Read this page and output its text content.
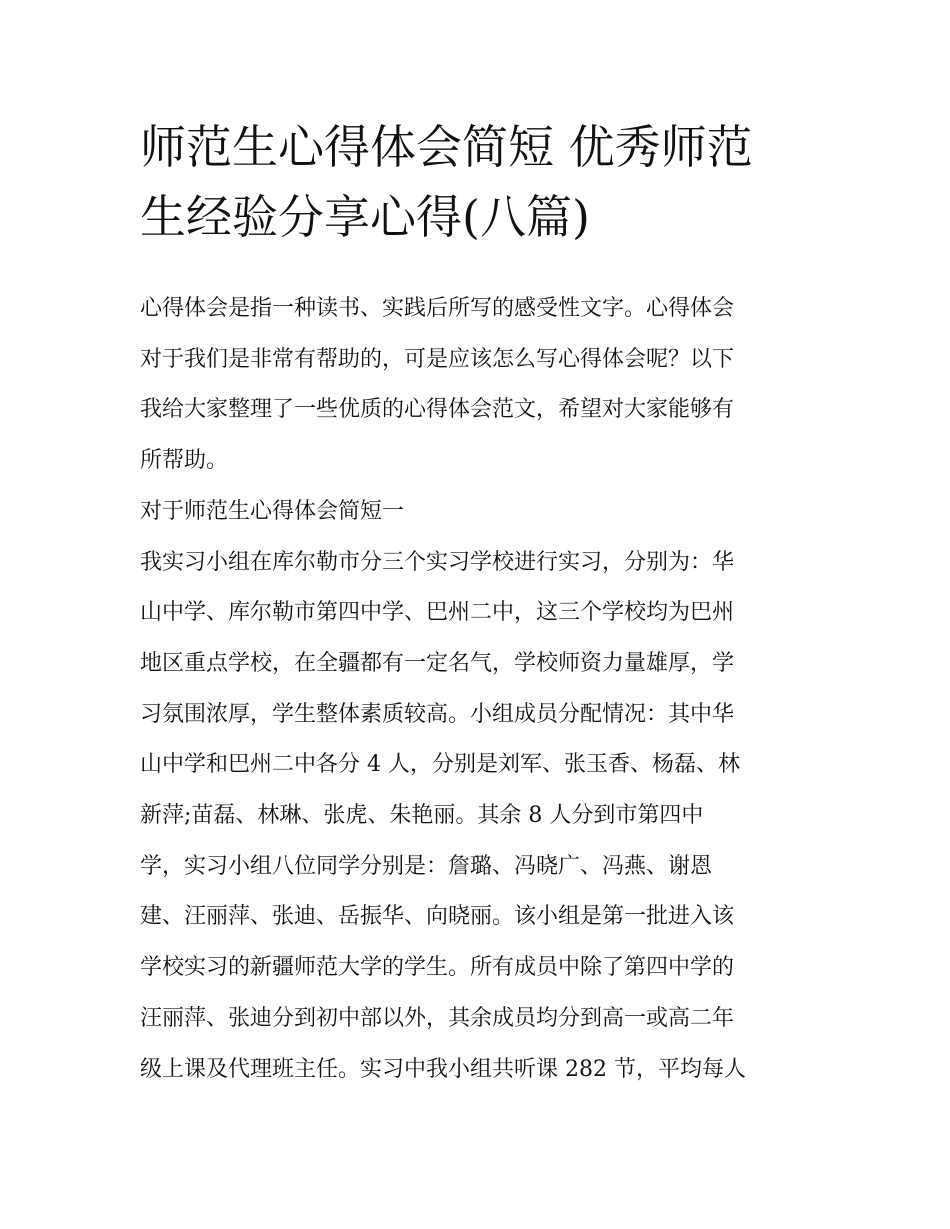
师范生心得体会简短 优秀师范
生经验分享心得(八篇)
心得体会是指一种读书、实践后所写的感受性文字。心得体会
对于我们是非常有帮助的，可是应该怎么写心得体会呢？以下
我给大家整理了一些优质的心得体会范文，希望对大家能够有
所帮助。
对于师范生心得体会简短一
我实习小组在库尔勒市分三个实习学校进行实习，分别为：华
山中学、库尔勒市第四中学、巴州二中，这三个学校均为巴州
地区重点学校，在全疆都有一定名气，学校师资力量雄厚，学
习氛围浓厚，学生整体素质较高。小组成员分配情况：其中华
山中学和巴州二中各分 4 人，分别是刘军、张玉香、杨磊、林
新萍;苗磊、林琳、张虎、朱艳丽。其余 8 人分到市第四中
学，实习小组八位同学分别是：詹璐、冯晓广、冯燕、谢恩
建、汪丽萍、张迪、岳振华、向晓丽。该小组是第一批进入该
学校实习的新疆师范大学的学生。所有成员中除了第四中学的
汪丽萍、张迪分到初中部以外，其余成员均分到高一或高二年
级上课及代理班主任。实习中我小组共听课 282 节，平均每人
